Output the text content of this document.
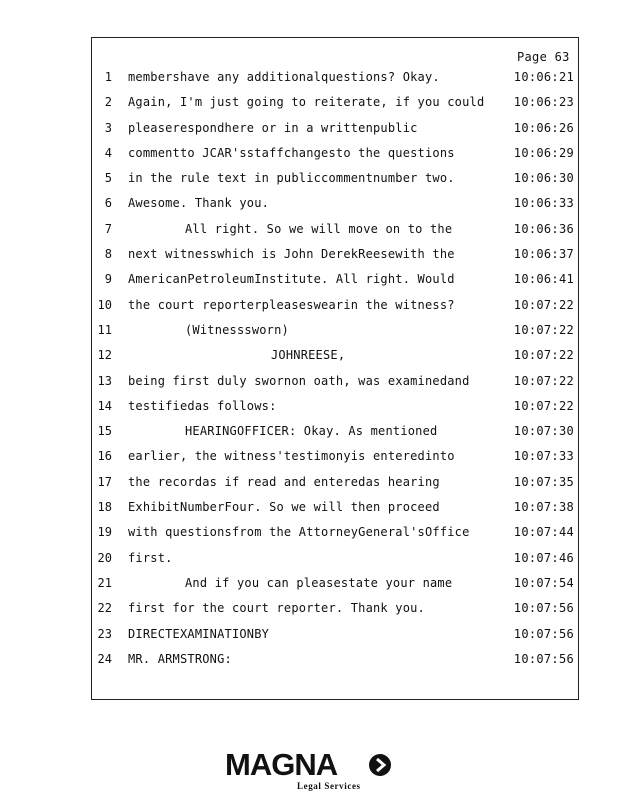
Page 63
1 membershave any additionalquestions? Okay.	10:06:21
2 Again, I'm just going to reiterate, if you could 10:06:23
3 pleaserespondhere or in a writtenpublic	10:06:26
4 commentto JCAR'sstaffchangesto the questions	10:06:29
5 in the rule text in publiccommentnumber two.	10:06:30
6 Awesome. Thank you.	10:06:33
7	All right. So we will move on to the	10:06:36
8 next witnesswhich is John DerekReesewith the	10:06:37
9 AmericanPetroleumInstitute. All right. Would	10:06:41
10 the court reporterpleaseswearin the witness?	10:07:22
11	(Witnesssworn)	10:07:22
12	JOHNREESE,	10:07:22
13 being first duly swornon oath, was examinedand	10:07:22
14 testifiedas follows:	10:07:22
15	HEARINGOFFICER: Okay. As mentioned	10:07:30
16 earlier, the witness'testimonyis enteredinto	10:07:33
17 the recordas if read and enteredas hearing	10:07:35
18 ExhibitNumberFour. So we will then proceed	10:07:38
19 with questionsfrom the AttorneyGeneral'sOffice	10:07:44
20 first.	10:07:46
21	And if you can pleasestate your name	10:07:54
22 first for the court reporter. Thank you.	10:07:56
23 DIRECTEXAMINATIONBY	10:07:56
24 MR. ARMSTRONG:	10:07:56
MAGNA
Legal Services
